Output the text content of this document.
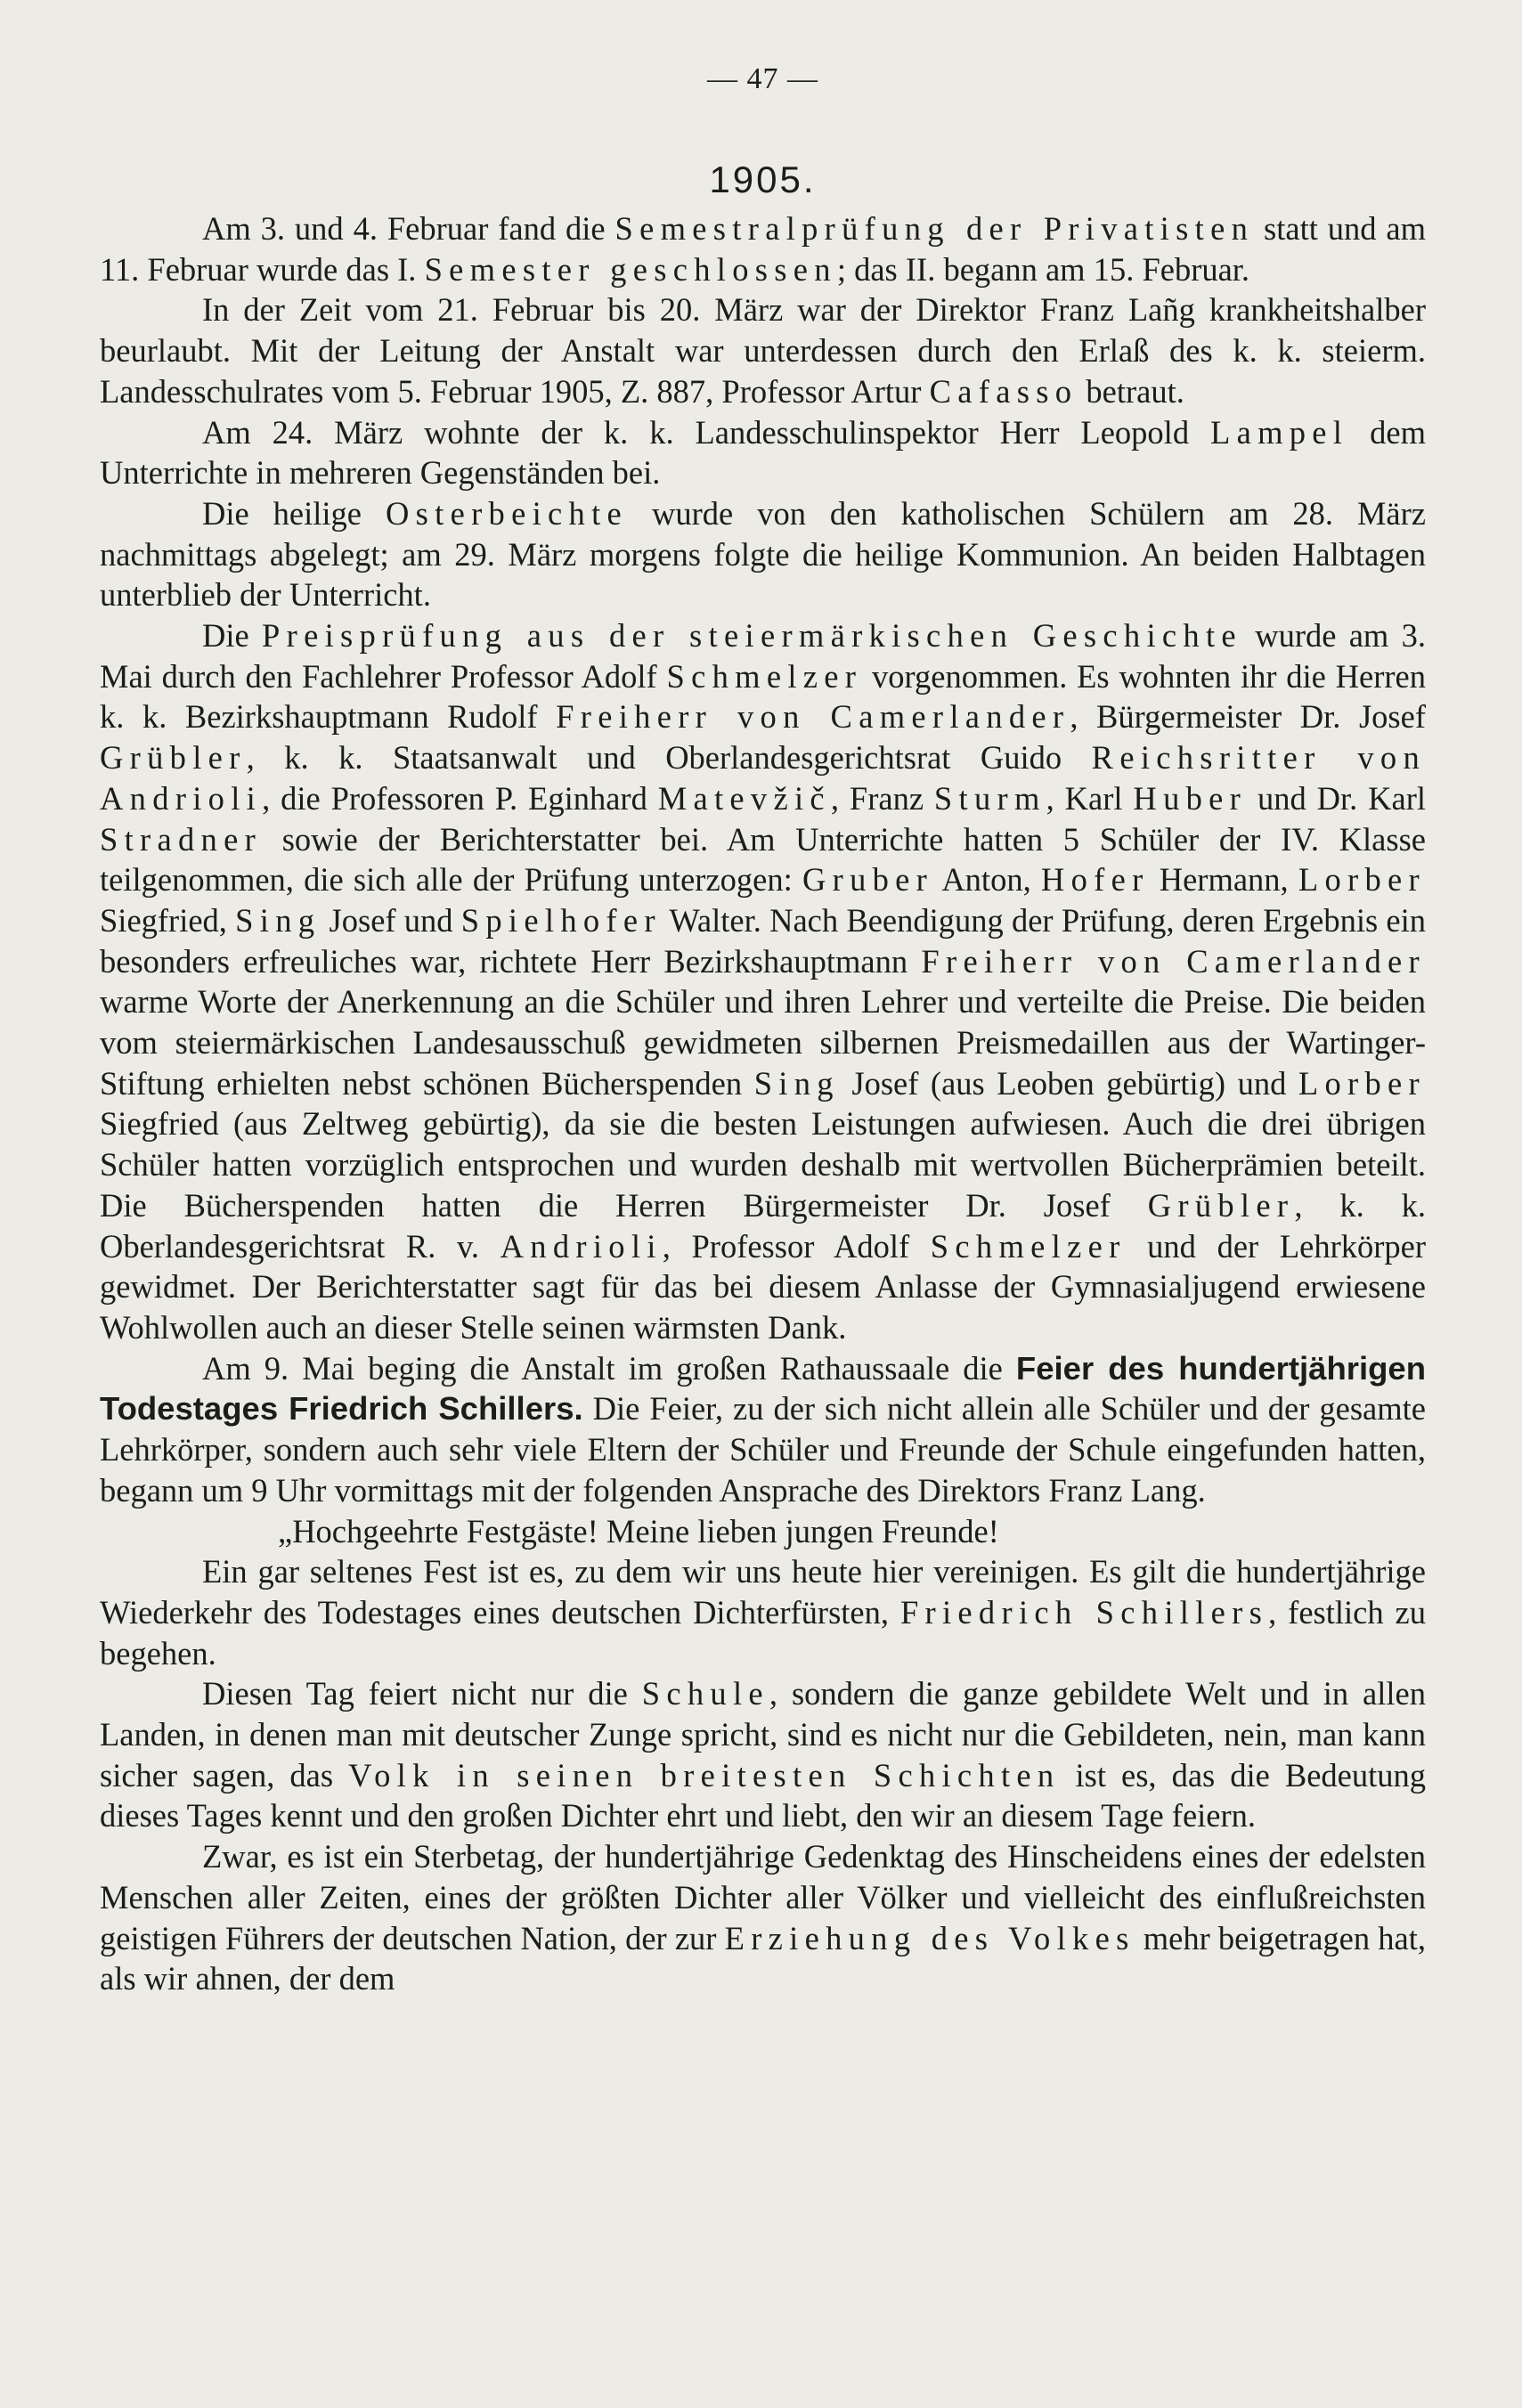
— 47 —
1905.

Am 3. und 4. Februar fand die Semestralprüfung der Privatisten statt und am 11. Februar wurde das I. Semester geschlossen; das II. begann am 15. Februar.

In der Zeit vom 21. Februar bis 20. März war der Direktor Franz Lañg krankheitshalber beurlaubt. Mit der Leitung der Anstalt war unterdessen durch den Erlaß des k. k. steierm. Landesschulrates vom 5. Februar 1905, Z. 887, Professor Artur Cafasso betraut.

Am 24. März wohnte der k. k. Landesschulinspektor Herr Leopold Lampel dem Unterrichte in mehreren Gegenständen bei.

Die heilige Osterbeichte wurde von den katholischen Schülern am 28. März nachmittags abgelegt; am 29. März morgens folgte die heilige Kommunion. An beiden Halbtagen unterblieb der Unterricht.

Die Preisprüfung aus der steiermärkischen Geschichte wurde am 3. Mai durch den Fachlehrer Professor Adolf Schmelzer vorgenommen. Es wohnten ihr die Herren k. k. Bezirkshauptmann Rudolf Freiherr von Camerlander, Bürgermeister Dr. Josef Grübler, k. k. Staatsanwalt und Oberlandesgerichtsrat Guido Reichsritter von Andrioli, die Professoren P. Eginhard Matevžič, Franz Sturm, Karl Huber und Dr. Karl Stradner sowie der Berichterstatter bei. Am Unterrichte hatten 5 Schüler der IV. Klasse teilgenommen, die sich alle der Prüfung unterzogen: Gruber Anton, Hofer Hermann, Lorber Siegfried, Sing Josef und Spielhofer Walter. Nach Beendigung der Prüfung, deren Ergebnis ein besonders erfreuliches war, richtete Herr Bezirkshauptmann Freiherr von Camerlander warme Worte der Anerkennung an die Schüler und ihren Lehrer und verteilte die Preise. Die beiden vom steiermärkischen Landesausschuß gewidmeten silbernen Preismedaillen aus der Wartinger-Stiftung erhielten nebst schönen Bücherspenden Sing Josef (aus Leoben gebürtig) und Lorber Siegfried (aus Zeltweg gebürtig), da sie die besten Leistungen aufwiesen. Auch die drei übrigen Schüler hatten vorzüglich entsprochen und wurden deshalb mit wertvollen Bücherprämien beteilt. Die Bücherspenden hatten die Herren Bürgermeister Dr. Josef Grübler, k. k. Oberlandesgerichtsrat R. v. Andrioli, Professor Adolf Schmelzer und der Lehrkörper gewidmet. Der Berichterstatter sagt für das bei diesem Anlasse der Gymnasialjugend erwiesene Wohlwollen auch an dieser Stelle seinen wärmsten Dank.

Am 9. Mai beging die Anstalt im großen Rathaussaale die Feier des hundertjährigen Todestages Friedrich Schillers. Die Feier, zu der sich nicht allein alle Schüler und der gesamte Lehrkörper, sondern auch sehr viele Eltern der Schüler und Freunde der Schule eingefunden hatten, begann um 9 Uhr vormittags mit der folgenden Ansprache des Direktors Franz Lang.

„Hochgeehrte Festgäste! Meine lieben jungen Freunde!

Ein gar seltenes Fest ist es, zu dem wir uns heute hier vereinigen. Es gilt die hundertjährige Wiederkehr des Todestages eines deutschen Dichterfürsten, Friedrich Schillers, festlich zu begehen.

Diesen Tag feiert nicht nur die Schule, sondern die ganze gebildete Welt und in allen Landen, in denen man mit deutscher Zunge spricht, sind es nicht nur die Gebildeten, nein, man kann sicher sagen, das Volk in seinen breitesten Schichten ist es, das die Bedeutung dieses Tages kennt und den großen Dichter ehrt und liebt, den wir an diesem Tage feiern.

Zwar, es ist ein Sterbetag, der hundertjährige Gedenktag des Hinscheidens eines der edelsten Menschen aller Zeiten, eines der größten Dichter aller Völker und vielleicht des einflußreichsten geistigen Führers der deutschen Nation, der zur Erziehung des Volkes mehr beigetragen hat, als wir ahnen, der dem
